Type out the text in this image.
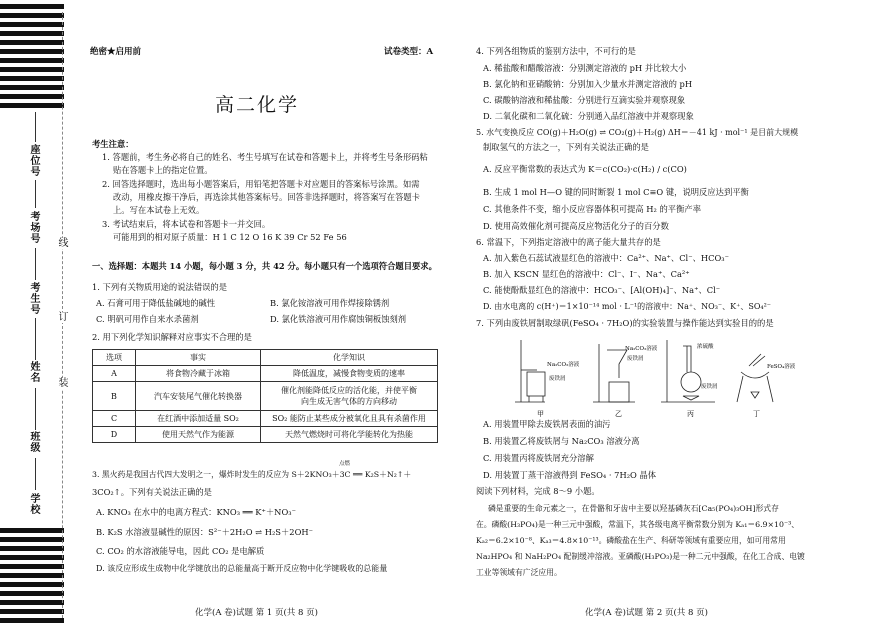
座位号
考场号
考生号
姓名
班级
学校
线
订
装
绝密★启用前	试卷类型：A
高二化学
考生注意：
1. 答题前，考生务必将自己的姓名、考生号填写在试卷和答题卡上，并将考生号条形码粘
贴在答题卡上的指定位置。
2. 回答选择题时，选出每小题答案后，用铅笔把答题卡对应题目的答案标号涂黑。如需
改动，用橡皮擦干净后，再选涂其他答案标号。回答非选择题时，将答案写在答题卡
上。写在本试卷上无效。
3. 考试结束后，将本试卷和答题卡一并交回。
可能用到的相对原子质量：H 1 C 12 O 16 K 39 Cr 52 Fe 56
一、选择题：本题共 14 小题，每小题 3 分，共 42 分。每小题只有一个选项符合题目要求。
1. 下列有关物质用途的说法错误的是
A. 石膏可用于降低盐碱地的碱性	B. 氯化铵溶液可用作焊接除锈剂
C. 明矾可用作自来水杀菌剂	D. 氯化铁溶液可用作腐蚀铜板蚀刻剂
2. 用下列化学知识解释对应事实不合理的是
选项	事实	化学知识
A	将食物冷藏于冰箱	降低温度，减慢食物变质的速率
B	汽车安装尾气催化转换器	催化剂能降低反应的活化能，并使平衡
向生成无害气体的方向移动

C	在红酒中添加适量 SO₂	SO₂ 能防止某些成分被氧化且具有杀菌作用
D	使用天然气作为能源	天然气燃烧时可将化学能转化为热能
3. 黑火药是我国古代四大发明之一，爆炸时发生的反应为 S＋2KNO₃＋3C ══ K₂S＋N₂↑＋
点燃
3CO₂↑。下列有关说法正确的是
A. KNO₃ 在水中的电离方程式：KNO₃ ══ K⁺＋NO₃⁻
B. K₂S 水溶液显碱性的原因：S²⁻＋2H₂O ⇌ H₂S＋2OH⁻
C. CO₂ 的水溶液能导电，因此 CO₂ 是电解质
D. 该反应形成生成物中化学键放出的总能量高于断开反应物中化学键吸收的总能量
化学(A 卷)试题 第 1 页(共 8 页)
4. 下列各组物质的鉴别方法中，不可行的是
A. 稀盐酸和醋酸溶液：分别测定溶液的 pH 并比较大小
B. 氯化钠和亚硝酸钠：分别加入少量水并测定溶液的 pH
C. 碳酸钠溶液和稀盐酸：分别进行互滴实验并观察现象
D. 二氧化碳和二氧化硫：分别通入品红溶液中并观察现象
5. 水气变换反应 CO(g)＋H₂O(g) ⇌ CO₂(g)＋H₂(g) ΔH＝－41 kJ · mol⁻¹ 是目前大规模
制取氢气的方法之一，下列有关说法正确的是
A. 反应平衡常数的表达式为 K＝c(CO₂)·c(H₂) / c(CO)
B. 生成 1 mol H—O 键的同时断裂 1 mol C≡O 键，说明反应达到平衡
C. 其他条件不变，缩小反应容器体积可提高 H₂ 的平衡产率
D. 使用高效催化剂可提高反应物活化分子的百分数
6. 常温下，下列指定溶液中的离子能大量共存的是
A. 加入紫色石蕊试液显红色的溶液中：Ca²⁺、Na⁺、Cl⁻、HCO₃⁻
B. 加入 KSCN 显红色的溶液中：Cl⁻、I⁻、Na⁺、Ca²⁺
C. 能使酚酞显红色的溶液中：HCO₃⁻、[Al(OH)₄]⁻、Na⁺、Cl⁻
D. 由水电离的 c(H⁺)＝1×10⁻¹⁴ mol · L⁻¹的溶液中：Na⁺、NO₃⁻、K⁺、SO₄²⁻
7. 下列由废铁屑制取绿矾(FeSO₄ · 7H₂O)的实验装置与操作能达到实验目的的是
Na₂CO₃溶液
废铁屑
甲
Na₂CO₃溶液
废铁屑
乙
浓硫酸
废铁屑
丙
FeSO₄溶液
丁
A. 用装置甲除去废铁屑表面的油污
B. 用装置乙将废铁屑与 Na₂CO₃ 溶液分离
C. 用装置丙将废铁屑充分溶解
D. 用装置丁蒸干溶液得到 FeSO₄ · 7H₂O 晶体
阅读下列材料，完成 8～9 小题。
磷是重要的生命元素之一，在骨骼和牙齿中主要以羟基磷灰石[Ca₅(PO₄)₃OH]形式存
在。磷酸(H₃PO₄)是一种三元中强酸，常温下，其各级电离平衡常数分别为 Kₐ₁＝6.9×10⁻³、
Kₐ₂＝6.2×10⁻⁸、Kₐ₃＝4.8×10⁻¹³。磷酸盐在生产、科研等领域有重要应用，如可用常用
Na₂HPO₄ 和 NaH₂PO₄ 配制缓冲溶液。亚磷酸(H₃PO₃)是一种二元中强酸，在化工合成、电镀
工业等领域有广泛应用。
化学(A 卷)试题 第 2 页(共 8 页)
